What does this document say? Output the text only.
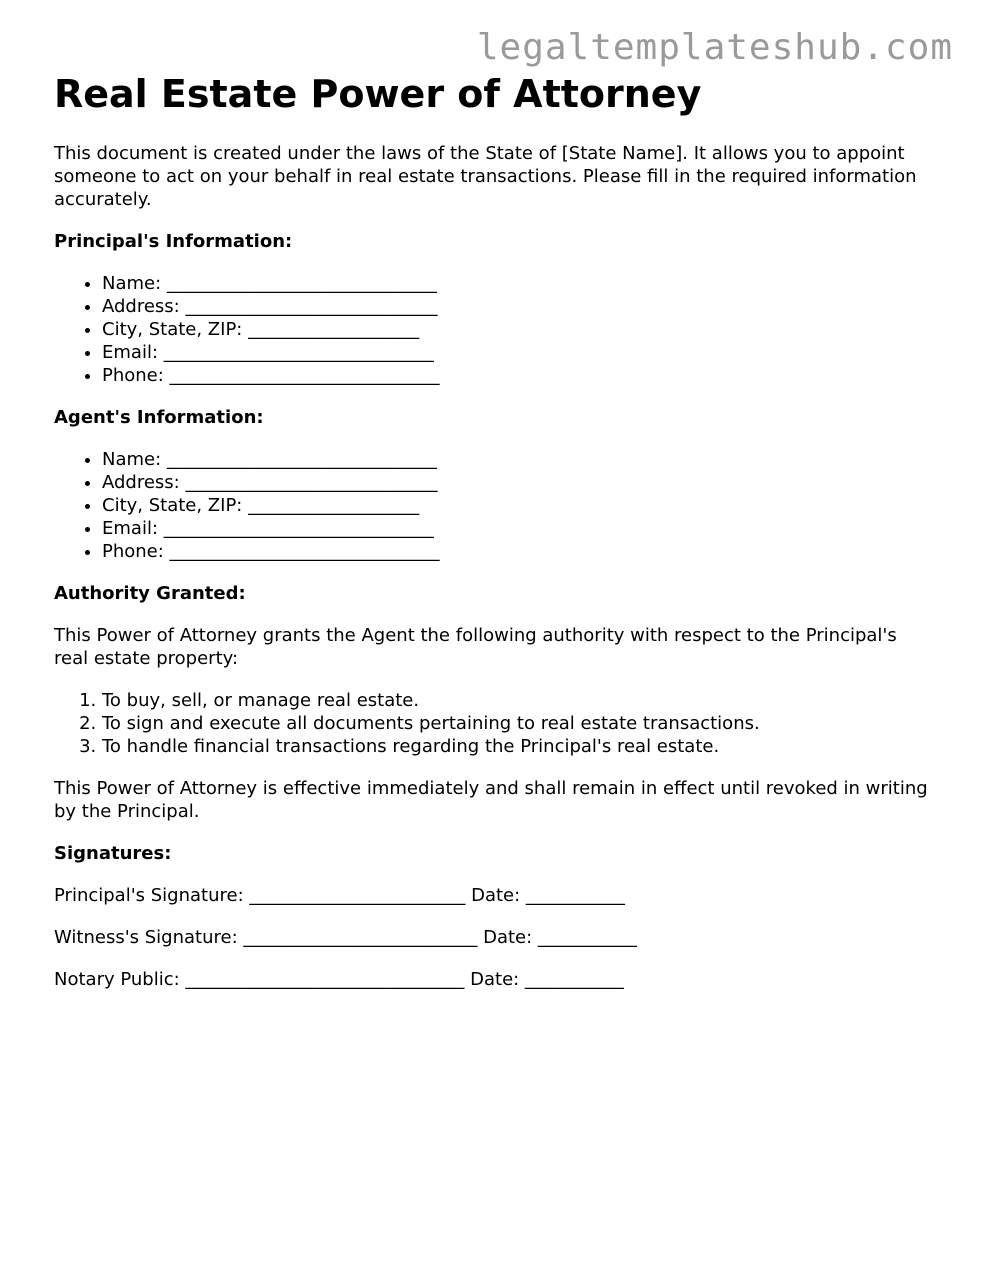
legaltemplateshub.com
Real Estate Power of Attorney

This document is created under the laws of the State of [State Name]. It allows you to appoint someone to act on your behalf in real estate transactions. Please fill in the required information accurately.

Principal's Information:

• Name: ______________________________
• Address: ____________________________
• City, State, ZIP: ___________________
• Email: ______________________________
• Phone: ______________________________

Agent's Information:

• Name: ______________________________
• Address: ____________________________
• City, State, ZIP: ___________________
• Email: ______________________________
• Phone: ______________________________

Authority Granted:

This Power of Attorney grants the Agent the following authority with respect to the Principal's real estate property:

1. To buy, sell, or manage real estate.
2. To sign and execute all documents pertaining to real estate transactions.
3. To handle financial transactions regarding the Principal's real estate.

This Power of Attorney is effective immediately and shall remain in effect until revoked in writing by the Principal.

Signatures:

Principal's Signature: ________________________ Date: ___________

Witness's Signature: __________________________ Date: ___________

Notary Public: _______________________________ Date: ___________
